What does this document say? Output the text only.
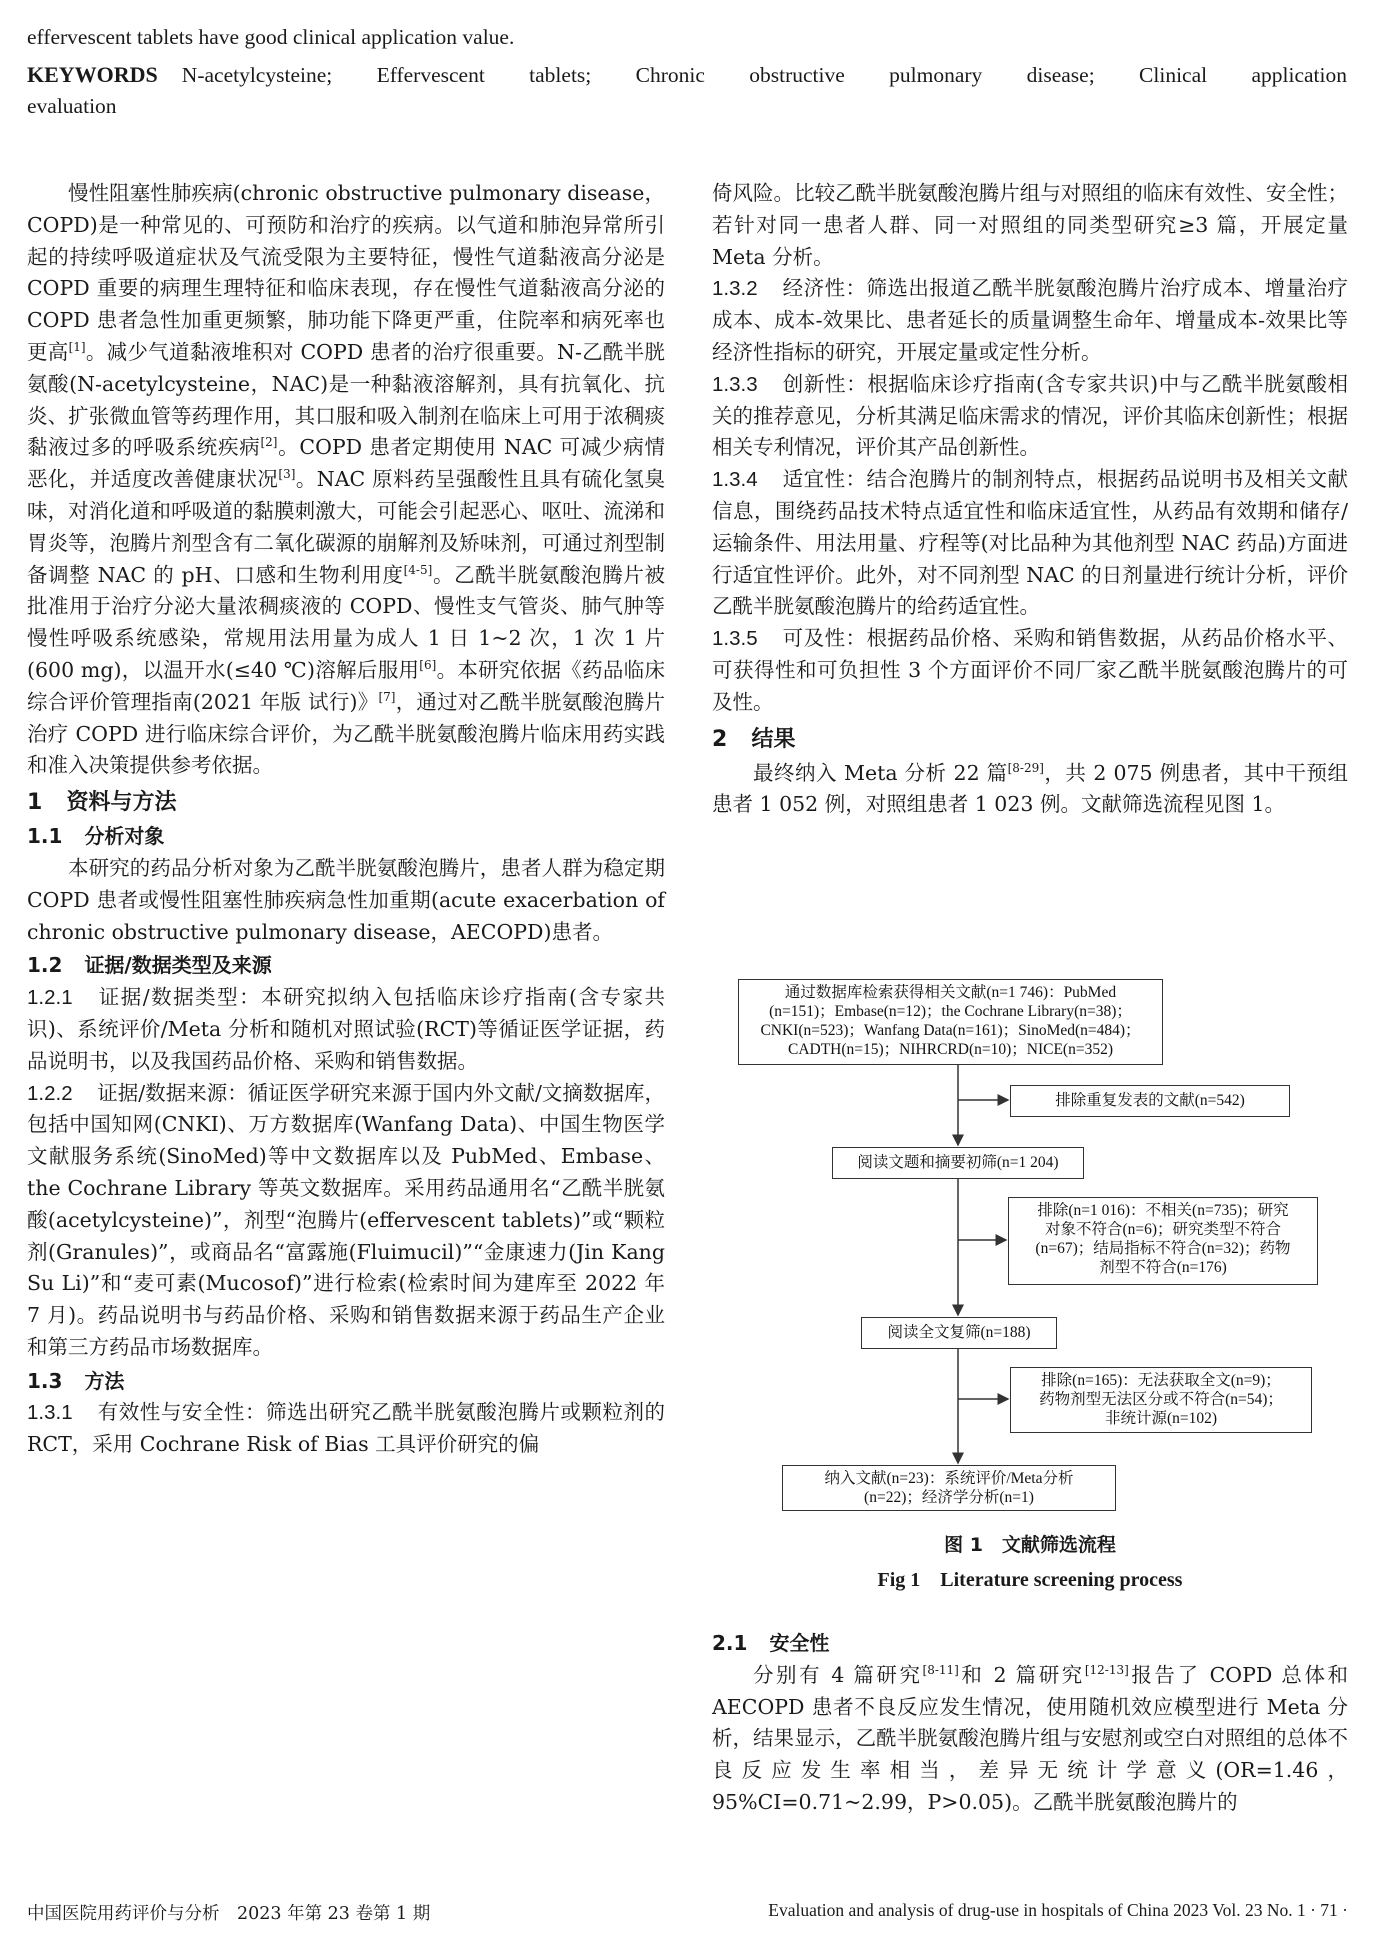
effervescent tablets have good clinical application value.
KEYWORDS N-acetylcysteine; Effervescent tablets; Chronic obstructive pulmonary disease; Clinical application
evaluation

慢性阻塞性肺疾病(chronic obstructive pulmonary disease，COPD)是一种常见的、可预防和治疗的疾病。以气道和肺泡异常所引起的持续呼吸道症状及气流受限为主要特征，慢性气道黏液高分泌是 COPD 重要的病理生理特征和临床表现，存在慢性气道黏液高分泌的 COPD 患者急性加重更频繁，肺功能下降更严重，住院率和病死率也更高[1]。减少气道黏液堆积对 COPD 患者的治疗很重要。N-乙酰半胱氨酸(N-acetylcysteine，NAC)是一种黏液溶解剂，具有抗氧化、抗炎、扩张微血管等药理作用，其口服和吸入制剂在临床上可用于浓稠痰黏液过多的呼吸系统疾病[2]。COPD 患者定期使用 NAC 可减少病情恶化，并适度改善健康状况[3]。NAC 原料药呈强酸性且具有硫化氢臭味，对消化道和呼吸道的黏膜刺激大，可能会引起恶心、呕吐、流涕和胃炎等，泡腾片剂型含有二氧化碳源的崩解剂及矫味剂，可通过剂型制备调整 NAC 的 pH、口感和生物利用度[4-5]。乙酰半胱氨酸泡腾片被批准用于治疗分泌大量浓稠痰液的 COPD、慢性支气管炎、肺气肿等慢性呼吸系统感染，常规用法用量为成人 1 日 1~2 次，1 次 1 片(600 mg)，以温开水(≤40 ℃)溶解后服用[6]。本研究依据《药品临床综合评价管理指南(2021 年版 试行)》[7]，通过对乙酰半胱氨酸泡腾片治疗 COPD 进行临床综合评价，为乙酰半胱氨酸泡腾片临床用药实践和准入决策提供参考依据。

1 资料与方法
1.1 分析对象

本研究的药品分析对象为乙酰半胱氨酸泡腾片，患者人群为稳定期 COPD 患者或慢性阻塞性肺疾病急性加重期(acute exacerbation of chronic obstructive pulmonary disease，AECOPD)患者。

1.2 证据/数据类型及来源

1.2.1 证据/数据类型：本研究拟纳入包括临床诊疗指南(含专家共识)、系统评价/Meta 分析和随机对照试验(RCT)等循证医学证据，药品说明书，以及我国药品价格、采购和销售数据。

1.2.2 证据/数据来源：循证医学研究来源于国内外文献/文摘数据库，包括中国知网(CNKI)、万方数据库(Wanfang Data)、中国生物医学文献服务系统(SinoMed)等中文数据库以及 PubMed、Embase、the Cochrane Library 等英文数据库。采用药品通用名“乙酰半胱氨酸(acetylcysteine)”，剂型“泡腾片(effervescent tablets)”或“颗粒剂(Granules)”，或商品名“富露施(Fluimucil)”“金康速力(Jin Kang Su Li)”和“麦可素(Mucosof)”进行检索(检索时间为建库至 2022 年 7 月)。药品说明书与药品价格、采购和销售数据来源于药品生产企业和第三方药品市场数据库。

1.3 方法

1.3.1 有效性与安全性：筛选出研究乙酰半胱氨酸泡腾片或颗粒剂的 RCT，采用 Cochrane Risk of Bias 工具评价研究的偏

倚风险。比较乙酰半胱氨酸泡腾片组与对照组的临床有效性、安全性；若针对同一患者人群、同一对照组的同类型研究≥3 篇，开展定量 Meta 分析。

1.3.2 经济性：筛选出报道乙酰半胱氨酸泡腾片治疗成本、增量治疗成本、成本-效果比、患者延长的质量调整生命年、增量成本-效果比等经济性指标的研究，开展定量或定性分析。

1.3.3 创新性：根据临床诊疗指南(含专家共识)中与乙酰半胱氨酸相关的推荐意见，分析其满足临床需求的情况，评价其临床创新性；根据相关专利情况，评价其产品创新性。

1.3.4 适宜性：结合泡腾片的制剂特点，根据药品说明书及相关文献信息，围绕药品技术特点适宜性和临床适宜性，从药品有效期和储存/运输条件、用法用量、疗程等(对比品种为其他剂型 NAC 药品)方面进行适宜性评价。此外，对不同剂型 NAC 的日剂量进行统计分析，评价乙酰半胱氨酸泡腾片的给药适宜性。

1.3.5 可及性：根据药品价格、采购和销售数据，从药品价格水平、可获得性和可负担性 3 个方面评价不同厂家乙酰半胱氨酸泡腾片的可及性。

2 结果

最终纳入 Meta 分析 22 篇[8-29]，共 2 075 例患者，其中干预组患者 1 052 例，对照组患者 1 023 例。文献筛选流程见图 1。

通过数据库检索获得相关文献(n=1 746)：PubMed
(n=151)；Embase(n=12)；the Cochrane Library(n=38)；
CNKI(n=523)；Wanfang Data(n=161)；SinoMed(n=484)；
CADTH(n=15)；NIHRCRD(n=10)；NICE(n=352)
排除重复发表的文献(n=542)
阅读文题和摘要初筛(n=1 204)
排除(n=1 016)：不相关(n=735)；研究
对象不符合(n=6)；研究类型不符合
(n=67)；结局指标不符合(n=32)；药物
剂型不符合(n=176)
阅读全文复筛(n=188)
排除(n=165)：无法获取全文(n=9)；
药物剂型无法区分或不符合(n=54)；
非统计源(n=102)
纳入文献(n=23)：系统评价/Meta分析
(n=22)；经济学分析(n=1)
图 1　文献筛选流程
Fig 1　Literature screening process
2.1 安全性

分别有 4 篇研究[8-11]和 2 篇研究[12-13]报告了 COPD 总体和 AECOPD 患者不良反应发生情况，使用随机效应模型进行 Meta 分析，结果显示，乙酰半胱氨酸泡腾片组与安慰剂或空白对照组的总体不良反应发生率相当，差异无统计学意义(OR=1.46，95%CI=0.71~2.99，P>0.05)。乙酰半胱氨酸泡腾片的

中国医院用药评价与分析　2023 年第 23 卷第 1 期	Evaluation and analysis of drug-use in hospitals of China 2023 Vol. 23 No. 1 · 71 ·
